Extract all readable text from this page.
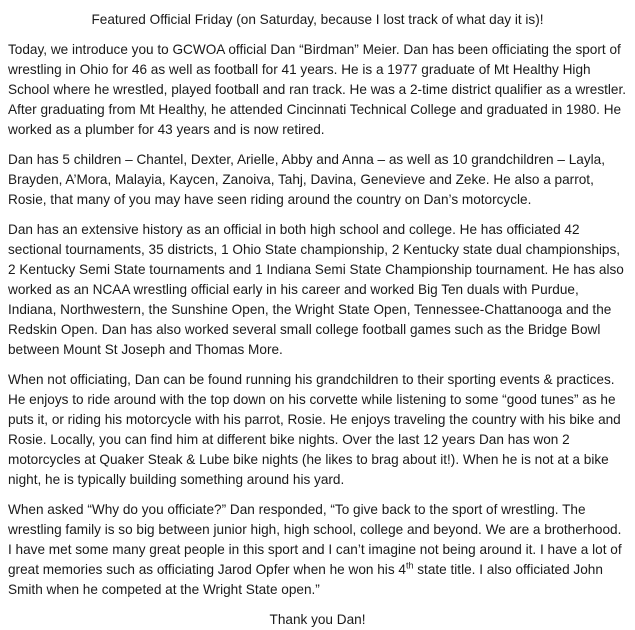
Featured Official Friday (on Saturday, because I lost track of what day it is)!

Today, we introduce you to GCWOA official Dan “Birdman” Meier. Dan has been officiating the sport of wrestling in Ohio for 46 as well as football for 41 years. He is a 1977 graduate of Mt Healthy High School where he wrestled, played football and ran track. He was a 2-time district qualifier as a wrestler. After graduating from Mt Healthy, he attended Cincinnati Technical College and graduated in 1980. He worked as a plumber for 43 years and is now retired.

Dan has 5 children – Chantel, Dexter, Arielle, Abby and Anna – as well as 10 grandchildren – Layla, Brayden, A’Mora, Malayia, Kaycen, Zanoiva, Tahj, Davina, Genevieve and Zeke. He also a parrot, Rosie, that many of you may have seen riding around the country on Dan’s motorcycle.

Dan has an extensive history as an official in both high school and college. He has officiated 42 sectional tournaments, 35 districts, 1 Ohio State championship, 2 Kentucky state dual championships, 2 Kentucky Semi State tournaments and 1 Indiana Semi State Championship tournament. He has also worked as an NCAA wrestling official early in his career and worked Big Ten duals with Purdue, Indiana, Northwestern, the Sunshine Open, the Wright State Open, Tennessee-Chattanooga and the Redskin Open. Dan has also worked several small college football games such as the Bridge Bowl between Mount St Joseph and Thomas More.

When not officiating, Dan can be found running his grandchildren to their sporting events & practices. He enjoys to ride around with the top down on his corvette while listening to some “good tunes” as he puts it, or riding his motorcycle with his parrot, Rosie. He enjoys traveling the country with his bike and Rosie. Locally, you can find him at different bike nights. Over the last 12 years Dan has won 2 motorcycles at Quaker Steak & Lube bike nights (he likes to brag about it!). When he is not at a bike night, he is typically building something around his yard.

When asked “Why do you officiate?” Dan responded, “To give back to the sport of wrestling. The wrestling family is so big between junior high, high school, college and beyond. We are a brotherhood. I have met some many great people in this sport and I can’t imagine not being around it. I have a lot of great memories such as officiating Jarod Opfer when he won his 4th state title. I also officiated John Smith when he competed at the Wright State open.”

Thank you Dan!
